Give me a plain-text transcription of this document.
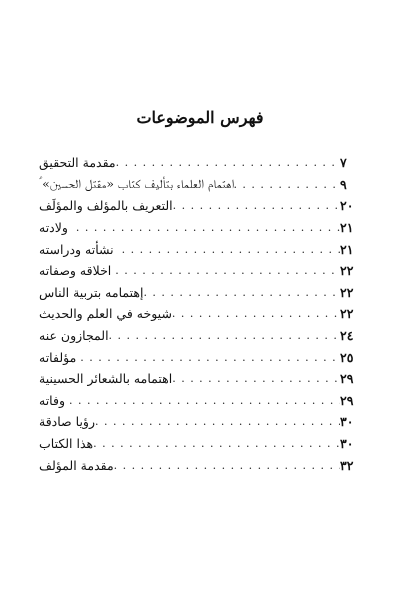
فهرس الموضوعات
مقدمة التحقيق . . .	٧
اهتمام العلماء بتأليف كتاب «مقتل الحسين» ؑ . . .	٩
التعريف بالمؤلف والمؤلَف . . .	٢٠
ولادته . . .	٢١
نشأته ودراسته . . .	٢١
اخلاقه وصفاته . . .	٢٢
إهتمامه بتربية الناس . . .	٢٢
شيوخه في العلم والحديث . . .	٢٢
المجازون عنه . . .	٢٤
مؤلفاته . . .	٢٥
اهتمامه بالشعائر الحسينية . . .	٢٩
وفاته . . .	٢٩
رؤيا صادقة . . .	٣٠
هذا الكتاب . . .	٣٠
مقدمة المؤلف . . .	٣٢
